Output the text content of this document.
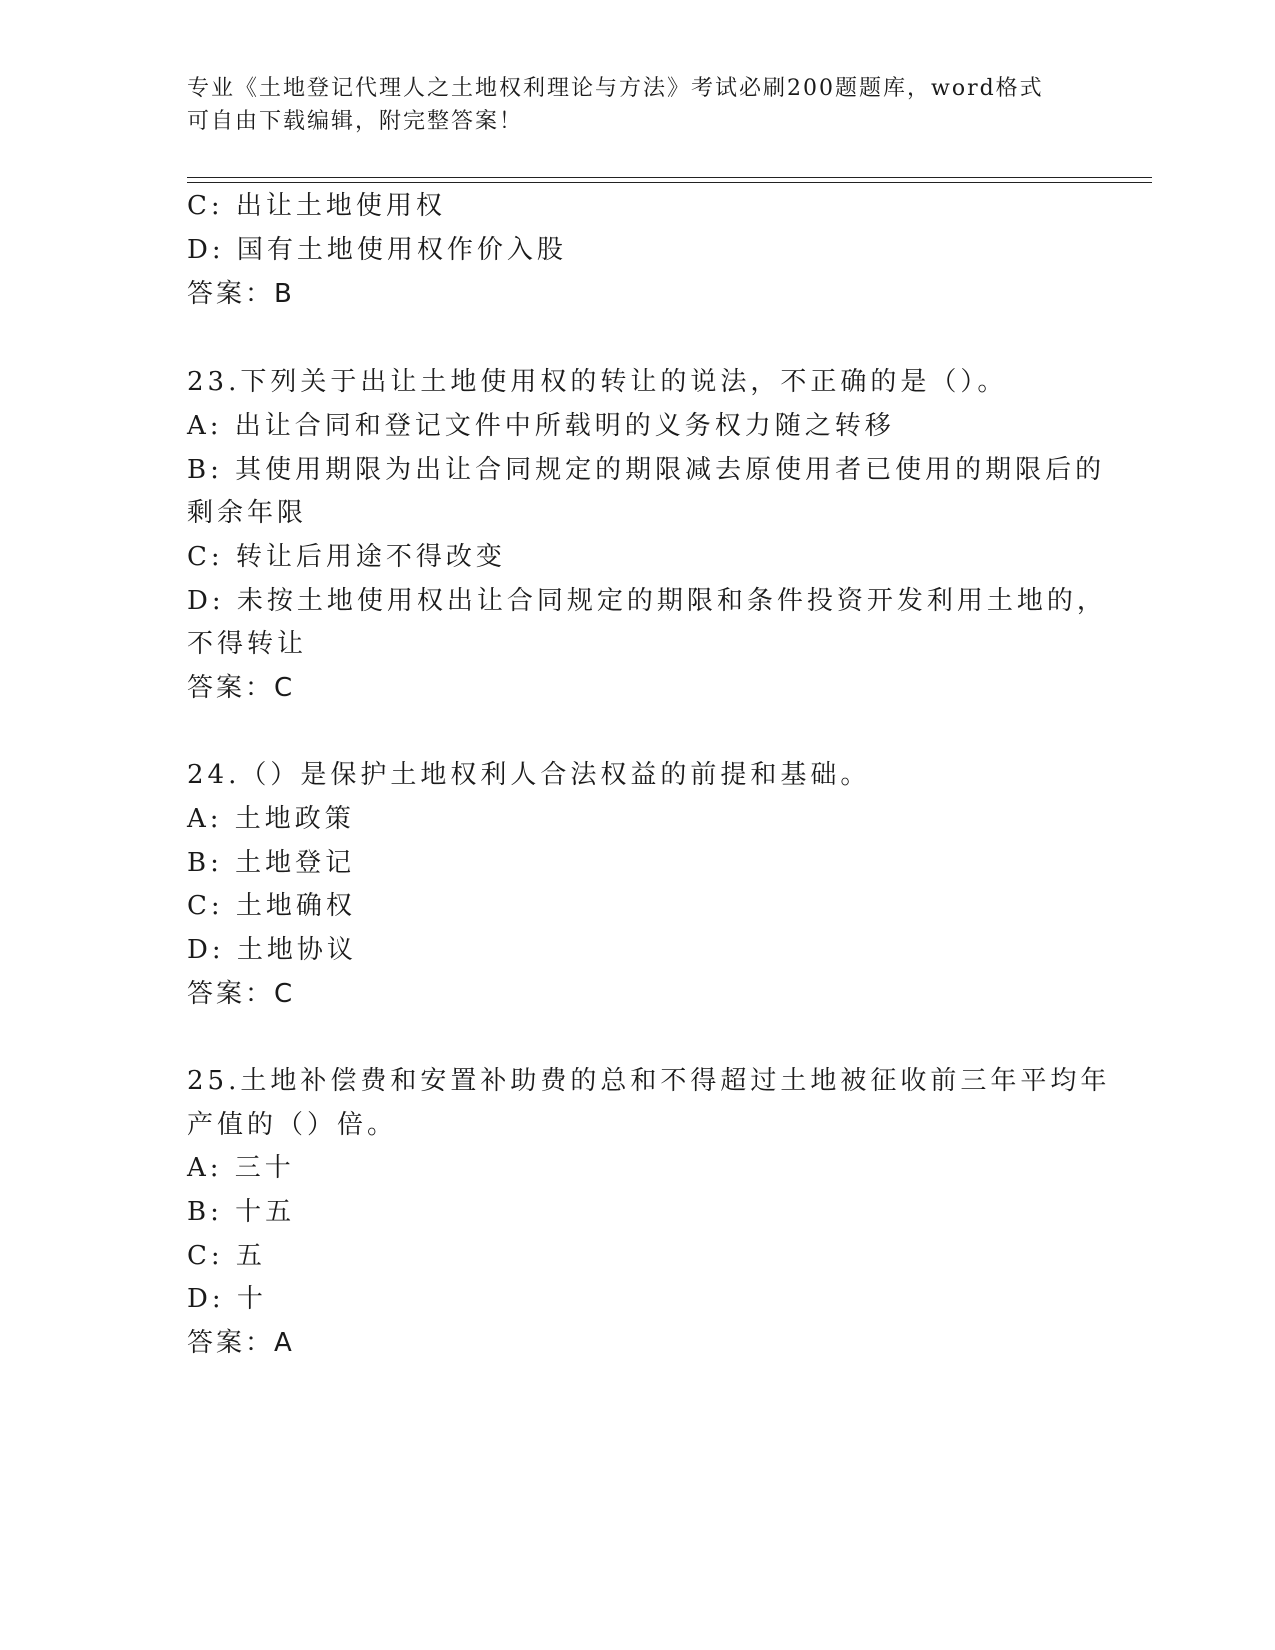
专业《土地登记代理人之土地权利理论与方法》考试必刷200题题库，word格式
可自由下载编辑，附完整答案！
C: 出让土地使用权
D: 国有土地使用权作价入股
答案：B
23.下列关于出让土地使用权的转让的说法，不正确的是（）。
A: 出让合同和登记文件中所载明的义务权力随之转移
B: 其使用期限为出让合同规定的期限减去原使用者已使用的期限后的
剩余年限
C: 转让后用途不得改变
D: 未按土地使用权出让合同规定的期限和条件投资开发利用土地的，
不得转让
答案：C
24.（）是保护土地权利人合法权益的前提和基础。
A: 土地政策
B: 土地登记
C: 土地确权
D: 土地协议
答案：C
25.土地补偿费和安置补助费的总和不得超过土地被征收前三年平均年
产值的（）倍。
A: 三十
B: 十五
C: 五
D: 十
答案：A
